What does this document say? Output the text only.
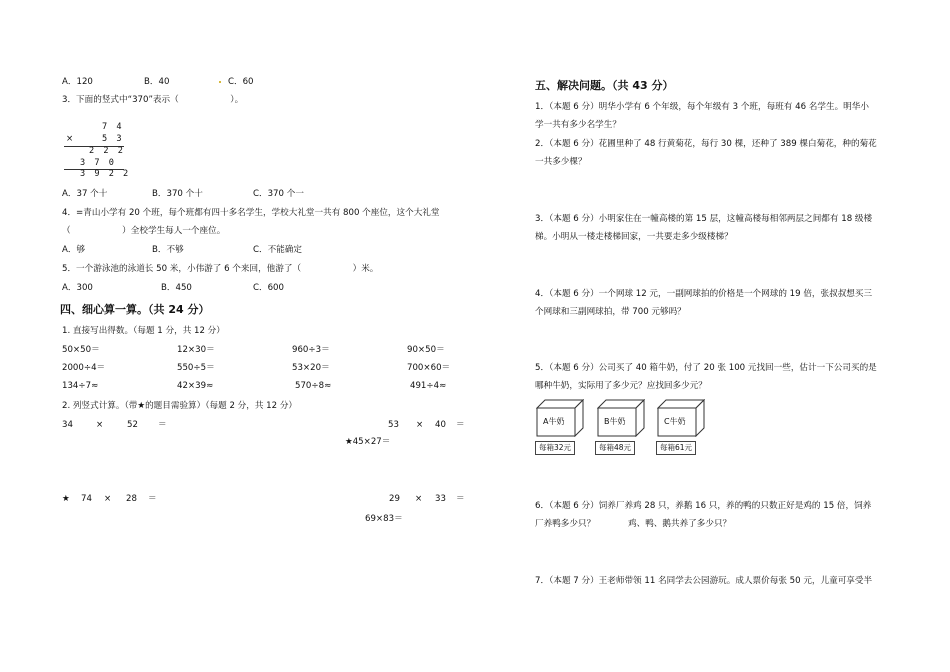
A．120	B．40	C．60
3．下面的竖式中“370”表示（　　　　　　）。
7 4
×	5 3
2 2 2
3 7 0
3 9 2 2
A．37 个十	B．370 个十	C．370 个一
4．=青山小学有 20 个班，每个班都有四十多名学生，学校大礼堂一共有 800 个座位，这个大礼堂
（　　　　　　）全校学生每人一个座位。
A．够	B．不够	C．不能确定
5．一个游泳池的泳道长 50 米，小伟游了 6 个来回，他游了（　　　　　　）米。
A．300	B．450	C．600
四、细心算一算。（共 24 分）
1. 直接写出得数。（每题 1 分，共 12 分）
50×50＝	12×30＝	960÷3＝	90×50＝
2000÷4＝	550÷5＝	53×20＝	700×60＝
134÷7≈	42×39≈	570÷8≈	491÷4≈
2. 列竖式计算。（带★的题目需验算）（每题 2 分，共 12 分）
34	×	52 ＝	53 × 40 ＝
★45×27＝
★ 74 × 28 ＝	29 × 33 ＝
69×83＝
五、解决问题。（共 43 分）
1．（本题 6 分）明华小学有 6 个年级，每个年级有 3 个班，每班有 46 名学生。明华小
学一共有多少名学生？
2．（本题 6 分）花圃里种了 48 行黄菊花，每行 30 棵，还种了 389 棵白菊花，种的菊花
一共多少棵？
3．（本题 6 分）小明家住在一幢高楼的第 15 层，这幢高楼每相邻两层之间都有 18 级楼
梯。小明从一楼走楼梯回家，一共要走多少级楼梯？
4．（本题 6 分）一个网球 12 元，一副网球拍的价格是一个网球的 19 倍，张叔叔想买三
个网球和三副网球拍，带 700 元够吗？
5．（本题 6 分）公司买了 40 箱牛奶，付了 20 张 100 元找回一些，估计一下公司买的是
哪种牛奶，实际用了多少元？应找回多少元？
A牛奶
每箱32元
B牛奶
每箱48元
C牛奶
每箱61元
6．（本题 6 分）饲养厂养鸡 28 只，养鹅 16 只，养的鸭的只数正好是鸡的 15 倍，饲养
厂养鸭多少只？	鸡、鸭、鹅共养了多少只？
7．（本题 7 分）王老师带领 11 名同学去公园游玩。成人票价每张 50 元，儿童可享受半
